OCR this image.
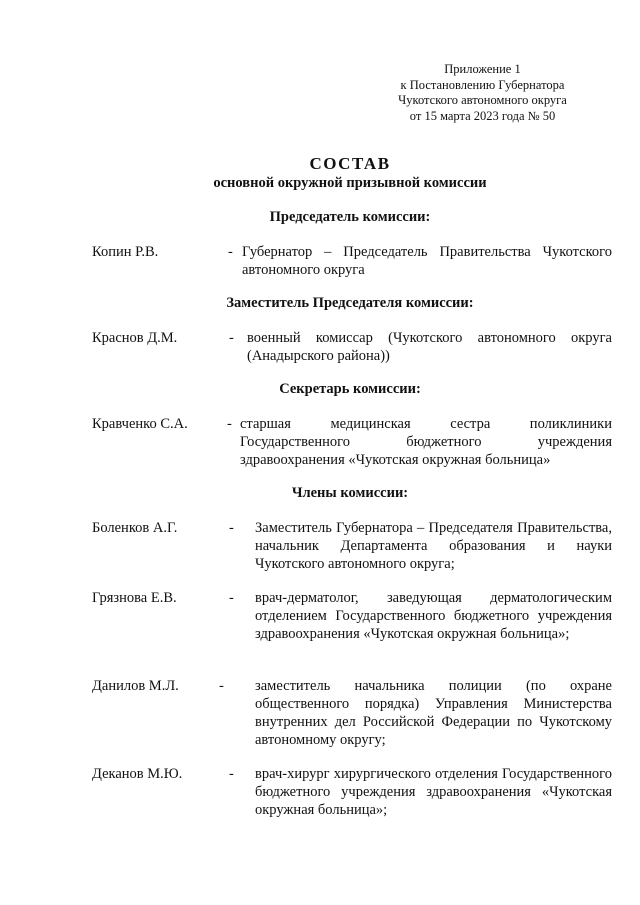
Приложение 1
к Постановлению Губернатора
Чукотского автономного округа
от 15 марта 2023 года № 50
СОСТАВ
основной окружной призывной комиссии
Председатель комиссии:
Копин Р.В.	- Губернатор – Председатель Правительства Чукотского автономного округа
Заместитель Председателя комиссии:
Краснов Д.М.	- военный комиссар (Чукотского автономного округа (Анадырского района))
Секретарь комиссии:
Кравченко С.А.	- старшая медицинская сестра поликлиники Государственного бюджетного учреждения здравоохранения «Чукотская окружная больница»
Члены комиссии:
Боленков А.Г.	- Заместитель Губернатора – Председателя Правительства, начальник Департамента образования и науки Чукотского автономного округа;
Грязнова Е.В.	- врач-дерматолог, заведующая дерматологическим отделением Государственного бюджетного учреждения здравоохранения «Чукотская окружная больница»;
Данилов М.Л.	- заместитель начальника полиции (по охране общественного порядка) Управления Министерства внутренних дел Российской Федерации по Чукотскому автономному округу;
Деканов М.Ю.	- врач-хирург хирургического отделения Государственного бюджетного учреждения здравоохранения «Чукотская окружная больница»;
